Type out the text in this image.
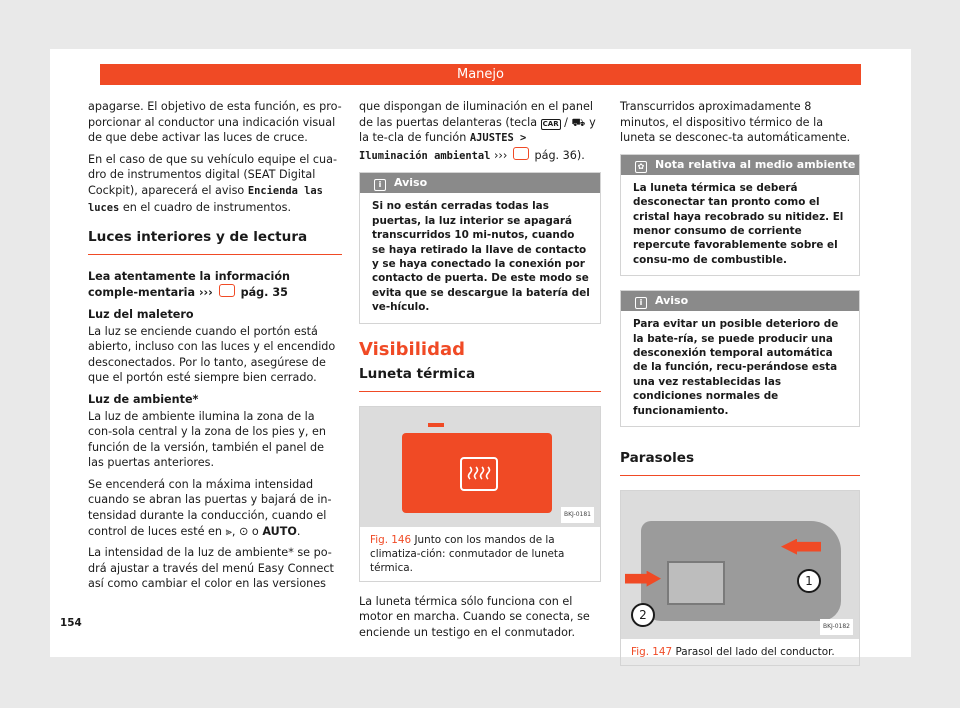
Manejo

apagarse. El objetivo de esta función, es pro-porcionar al conductor una indicación visual de que debe activar las luces de cruce.

En el caso de que su vehículo equipe el cua-dro de instrumentos digital (SEAT Digital Cockpit), aparecerá el aviso Encienda las luces en el cuadro de instrumentos.

Luces interiores y de lectura

Lea atentamente la información comple-mentaria ››› pág. 35

Luz del maletero

La luz se enciende cuando el portón está abierto, incluso con las luces y el encendido desconectados. Por lo tanto, asegúrese de que el portón esté siempre bien cerrado.

Luz de ambiente*

La luz de ambiente ilumina la zona de la con-sola central y la zona de los pies y, en función de la versión, también el panel de las puertas anteriores.

Se encenderá con la máxima intensidad cuando se abran las puertas y bajará de in-tensidad durante la conducción, cuando el control de luces esté en ⫸, ⊙ o AUTO.

La intensidad de la luz de ambiente* se po-drá ajustar a través del menú Easy Connect así como cambiar el color en las versiones

que dispongan de iluminación en el panel de las puertas delanteras (tecla CAR / ⛟ y la te-cla de función AJUSTES > Iluminación ambiental ››› pág. 36).

i Aviso
Si no están cerradas todas las puertas, la luz interior se apagará transcurridos 10 mi-nutos, cuando se haya retirado la llave de contacto y se haya conectado la conexión por contacto de puerta. De este modo se evita que se descargue la batería del ve-hículo.
Visibilidad
Luneta térmica
BKJ-0181
Fig. 146 Junto con los mandos de la climatiza-ción: conmutador de luneta térmica.

La luneta térmica sólo funciona con el motor en marcha. Cuando se conecta, se enciende un testigo en el conmutador.

Transcurridos aproximadamente 8 minutos, el dispositivo térmico de la luneta se desconec-ta automáticamente.

✿ Nota relativa al medio ambiente
La luneta térmica se deberá desconectar tan pronto como el cristal haya recobrado su nitidez. El menor consumo de corriente repercute favorablemente sobre el consu-mo de combustible.
i Aviso
Para evitar un posible deterioro de la bate-ría, se puede producir una desconexión temporal automática de la función, recu-perándose esta una vez restablecidas las condiciones normales de funcionamiento.
Parasoles
1
2
BKJ-0182
Fig. 147 Parasol del lado del conductor.
154
